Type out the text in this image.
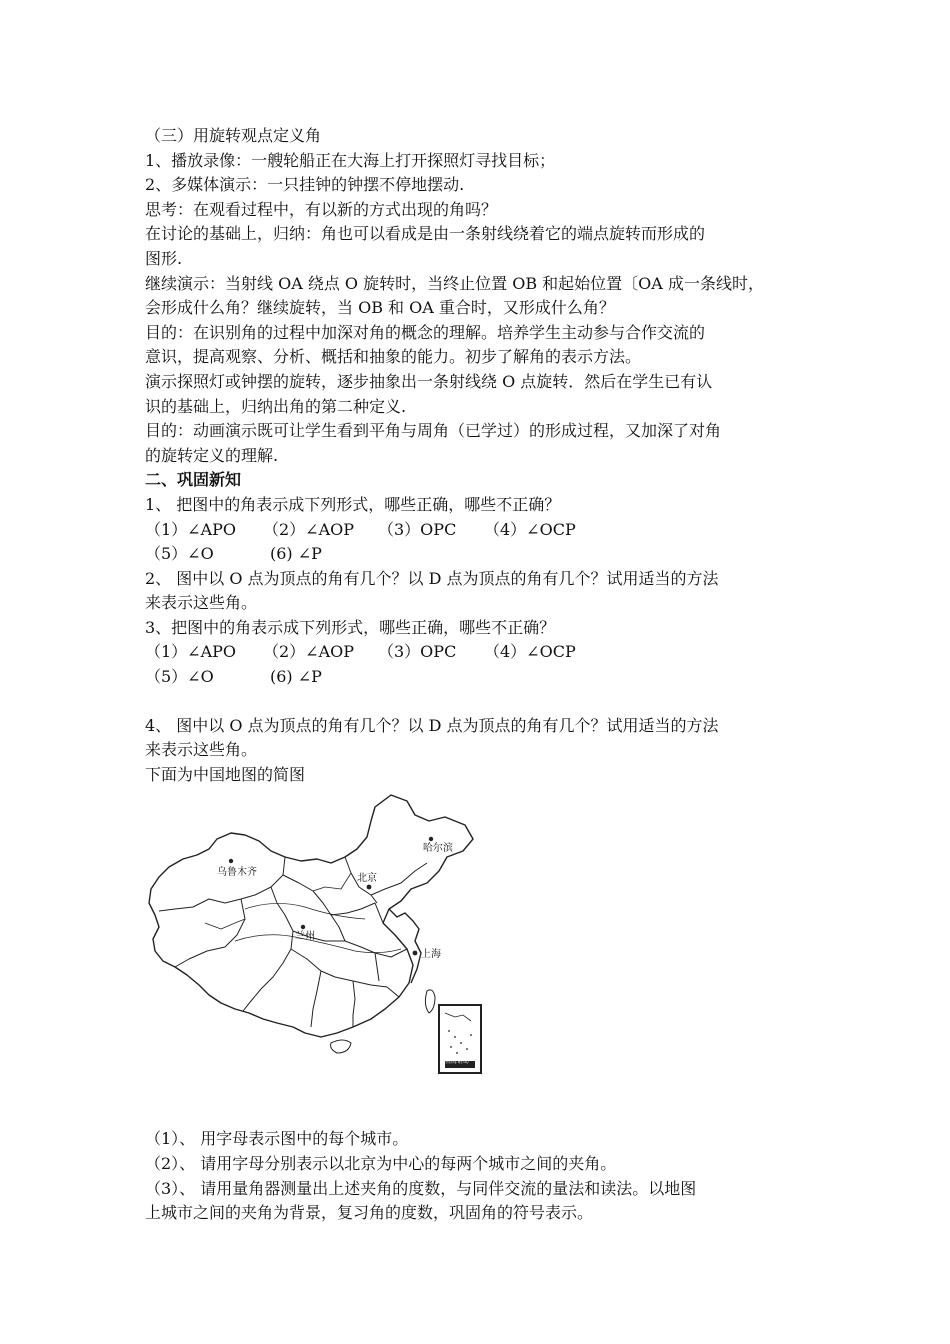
（三）用旋转观点定义角
1、播放录像：一艘轮船正在大海上打开探照灯寻找目标；
2、多媒体演示：一只挂钟的钟摆不停地摆动.
思考：在观看过程中，有以新的方式出现的角吗？
在讨论的基础上，归纳：角也可以看成是由一条射线绕着它的端点旋转而形成的
图形.
继续演示：当射线 OA 绕点 O 旋转时，当终止位置 OB 和起始位置〔OA 成一条线时，
会形成什么角？继续旋转，当 OB 和 OA 重合时，又形成什么角？
目的：在识别角的过程中加深对角的概念的理解。培养学生主动参与合作交流的
意识，提高观察、分析、概括和抽象的能力。初步了解角的表示方法。
演示探照灯或钟摆的旋转，逐步抽象出一条射线绕 O 点旋转．然后在学生已有认
识的基础上，归纳出角的第二种定义.
目的：动画演示既可让学生看到平角与周角（已学过）的形成过程，又加深了对角
的旋转定义的理解.
二、巩固新知
1、 把图中的角表示成下列形式，哪些正确，哪些不正确？
（1）∠APO	（2）∠AOP	（3）OPC	（4）∠OCP
（5）∠O	(6) ∠P
2、 图中以 O 点为顶点的角有几个？以 D 点为顶点的角有几个？试用适当的方法
来表示这些角。
3、把图中的角表示成下列形式，哪些正确，哪些不正确？
（1）∠APO	（2）∠AOP	（3）OPC	（4）∠OCP
（5）∠O	(6) ∠P
4、 图中以 O 点为顶点的角有几个？以 D 点为顶点的角有几个？试用适当的方法
来表示这些角。
下面为中国地图的简图
哈尔滨
乌鲁木齐
北京
兰州
上海
南海诸岛
（1）、 用字母表示图中的每个城市。
（2）、 请用字母分别表示以北京为中心的每两个城市之间的夹角。
（3）、 请用量角器测量出上述夹角的度数，与同伴交流的量法和读法。以地图
上城市之间的夹角为背景，复习角的度数，巩固角的符号表示。
